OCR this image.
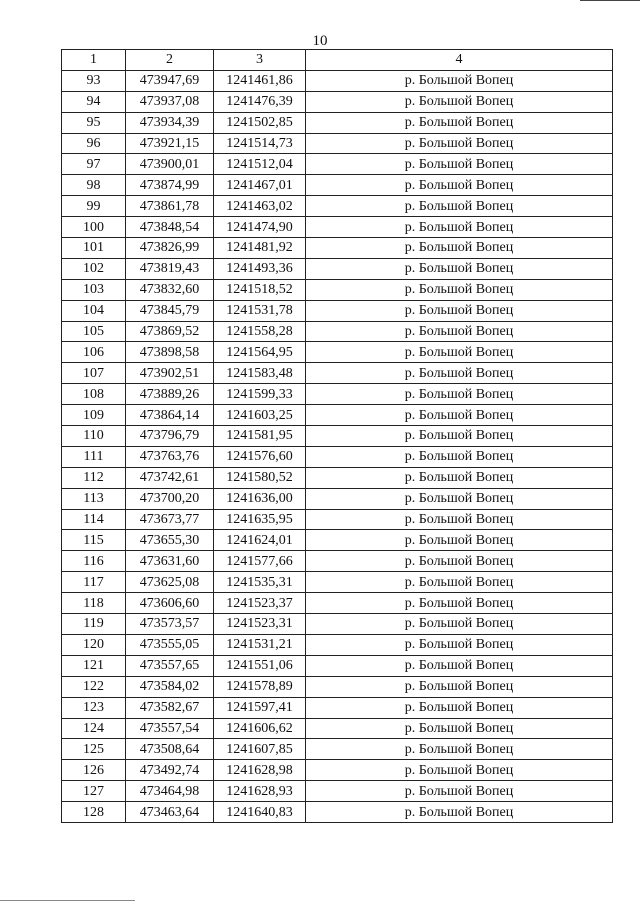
10
1	2	3	4
93	473947,69	1241461,86	р. Большой Вопец
94	473937,08	1241476,39	р. Большой Вопец
95	473934,39	1241502,85	р. Большой Вопец
96	473921,15	1241514,73	р. Большой Вопец
97	473900,01	1241512,04	р. Большой Вопец
98	473874,99	1241467,01	р. Большой Вопец
99	473861,78	1241463,02	р. Большой Вопец
100	473848,54	1241474,90	р. Большой Вопец
101	473826,99	1241481,92	р. Большой Вопец
102	473819,43	1241493,36	р. Большой Вопец
103	473832,60	1241518,52	р. Большой Вопец
104	473845,79	1241531,78	р. Большой Вопец
105	473869,52	1241558,28	р. Большой Вопец
106	473898,58	1241564,95	р. Большой Вопец
107	473902,51	1241583,48	р. Большой Вопец
108	473889,26	1241599,33	р. Большой Вопец
109	473864,14	1241603,25	р. Большой Вопец
110	473796,79	1241581,95	р. Большой Вопец
111	473763,76	1241576,60	р. Большой Вопец
112	473742,61	1241580,52	р. Большой Вопец
113	473700,20	1241636,00	р. Большой Вопец
114	473673,77	1241635,95	р. Большой Вопец
115	473655,30	1241624,01	р. Большой Вопец
116	473631,60	1241577,66	р. Большой Вопец
117	473625,08	1241535,31	р. Большой Вопец
118	473606,60	1241523,37	р. Большой Вопец
119	473573,57	1241523,31	р. Большой Вопец
120	473555,05	1241531,21	р. Большой Вопец
121	473557,65	1241551,06	р. Большой Вопец
122	473584,02	1241578,89	р. Большой Вопец
123	473582,67	1241597,41	р. Большой Вопец
124	473557,54	1241606,62	р. Большой Вопец
125	473508,64	1241607,85	р. Большой Вопец
126	473492,74	1241628,98	р. Большой Вопец
127	473464,98	1241628,93	р. Большой Вопец
128	473463,64	1241640,83	р. Большой Вопец
